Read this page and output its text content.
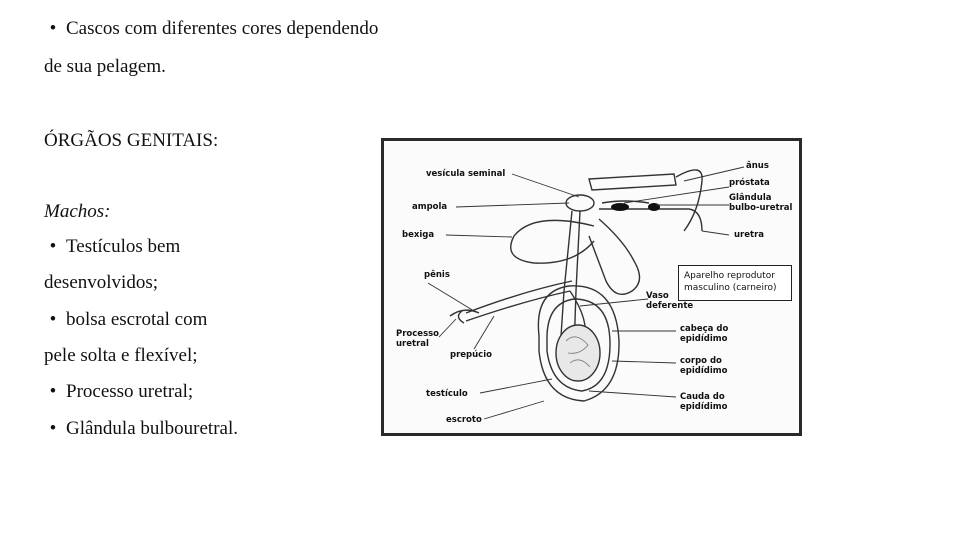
• Cascos com diferentes cores dependendo
de sua pelagem.
ÓRGÃOS GENITAIS:
Machos:
• Testículos bem
desenvolvidos;
• bolsa escrotal com
pele solta e flexível;
• Processo uretral;
• Glândula bulbouretral.
vesícula seminal
ânus
próstata
ampola
Glândula
bulbo-uretral
bexiga	uretra
pênis
Vaso
deferente
Processo
uretral
prepúcio
cabeça do
epidídimo
corpo do
epidídimo
testículo	Cauda do
epidídimo
escroto
Aparelho reprodutor
masculino (carneiro)
